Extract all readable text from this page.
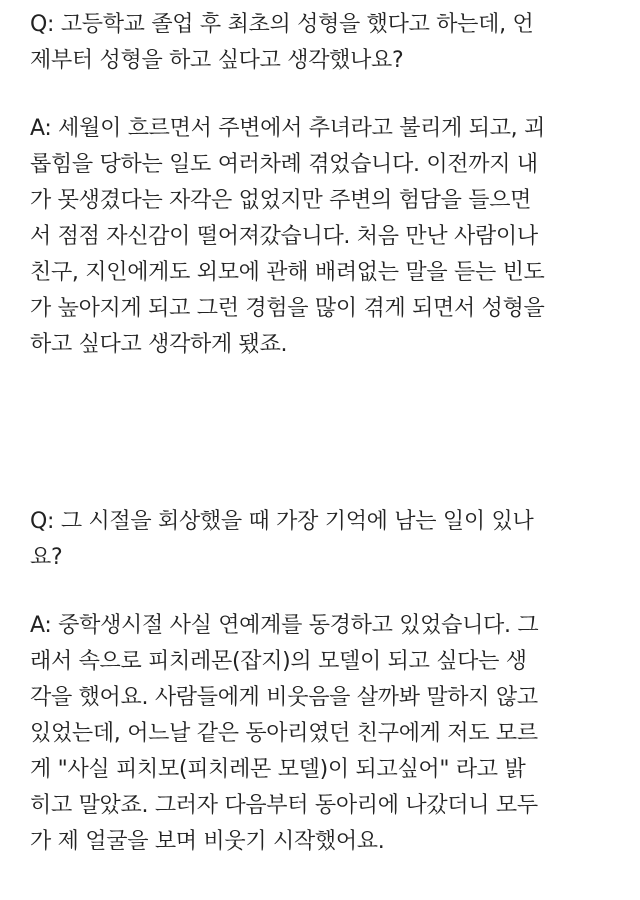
Q: 고등학교 졸업 후 최초의 성형을 했다고 하는데, 언
제부터 성형을 하고 싶다고 생각했나요?

A: 세월이 흐르면서 주변에서 추녀라고 불리게 되고, 괴
롭힘을 당하는 일도 여러차례 겪었습니다. 이전까지 내
가 못생겼다는 자각은 없었지만 주변의 험담을 들으면
서 점점 자신감이 떨어져갔습니다. 처음 만난 사람이나
친구, 지인에게도 외모에 관해 배려없는 말을 듣는 빈도
가 높아지게 되고 그런 경험을 많이 겪게 되면서 성형을
하고 싶다고 생각하게 됐죠.

Q: 그 시절을 회상했을 때 가장 기억에 남는 일이 있나
요?

A: 중학생시절 사실 연예계를 동경하고 있었습니다. 그
래서 속으로 피치레몬(잡지)의 모델이 되고 싶다는 생
각을 했어요. 사람들에게 비웃음을 살까봐 말하지 않고
있었는데, 어느날 같은 동아리였던 친구에게 저도 모르
게 "사실 피치모(피치레몬 모델)이 되고싶어" 라고 밝
히고 말았죠. 그러자 다음부터 동아리에 나갔더니 모두
가 제 얼굴을 보며 비웃기 시작했어요.
